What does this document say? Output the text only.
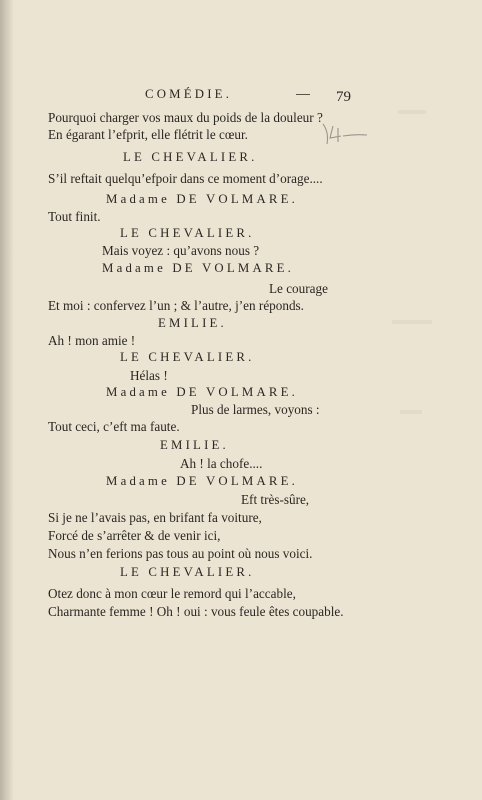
COMÉDIE.	79
Pourquoi charger vos maux du poids de la douleur ?
En égarant l’efprit, elle flétrit le cœur.
LE CHEVALIER.
S’il reftait quelqu’efpoir dans ce moment d’orage....
Madame DE VOLMARE.
Tout finit.
LE CHEVALIER.
Mais voyez : qu’avons nous ?
Madame DE VOLMARE.
Le courage
Et moi : confervez l’un ; & l’autre, j’en réponds.
EMILIE.
Ah ! mon amie !
LE CHEVALIER.
Hélas !
Madame DE VOLMARE.
Plus de larmes, voyons :
Tout ceci, c’eft ma faute.
EMILIE.
Ah ! la chofe....
Madame DE VOLMARE.
Eft très-sûre,
Si je ne l’avais pas, en brifant fa voiture,
Forcé de s’arrêter & de venir ici,
Nous n’en ferions pas tous au point où nous voici.
LE CHEVALIER.
Otez donc à mon cœur le remord qui l’accable,
Charmante femme ! Oh ! oui : vous feule êtes coupable.
